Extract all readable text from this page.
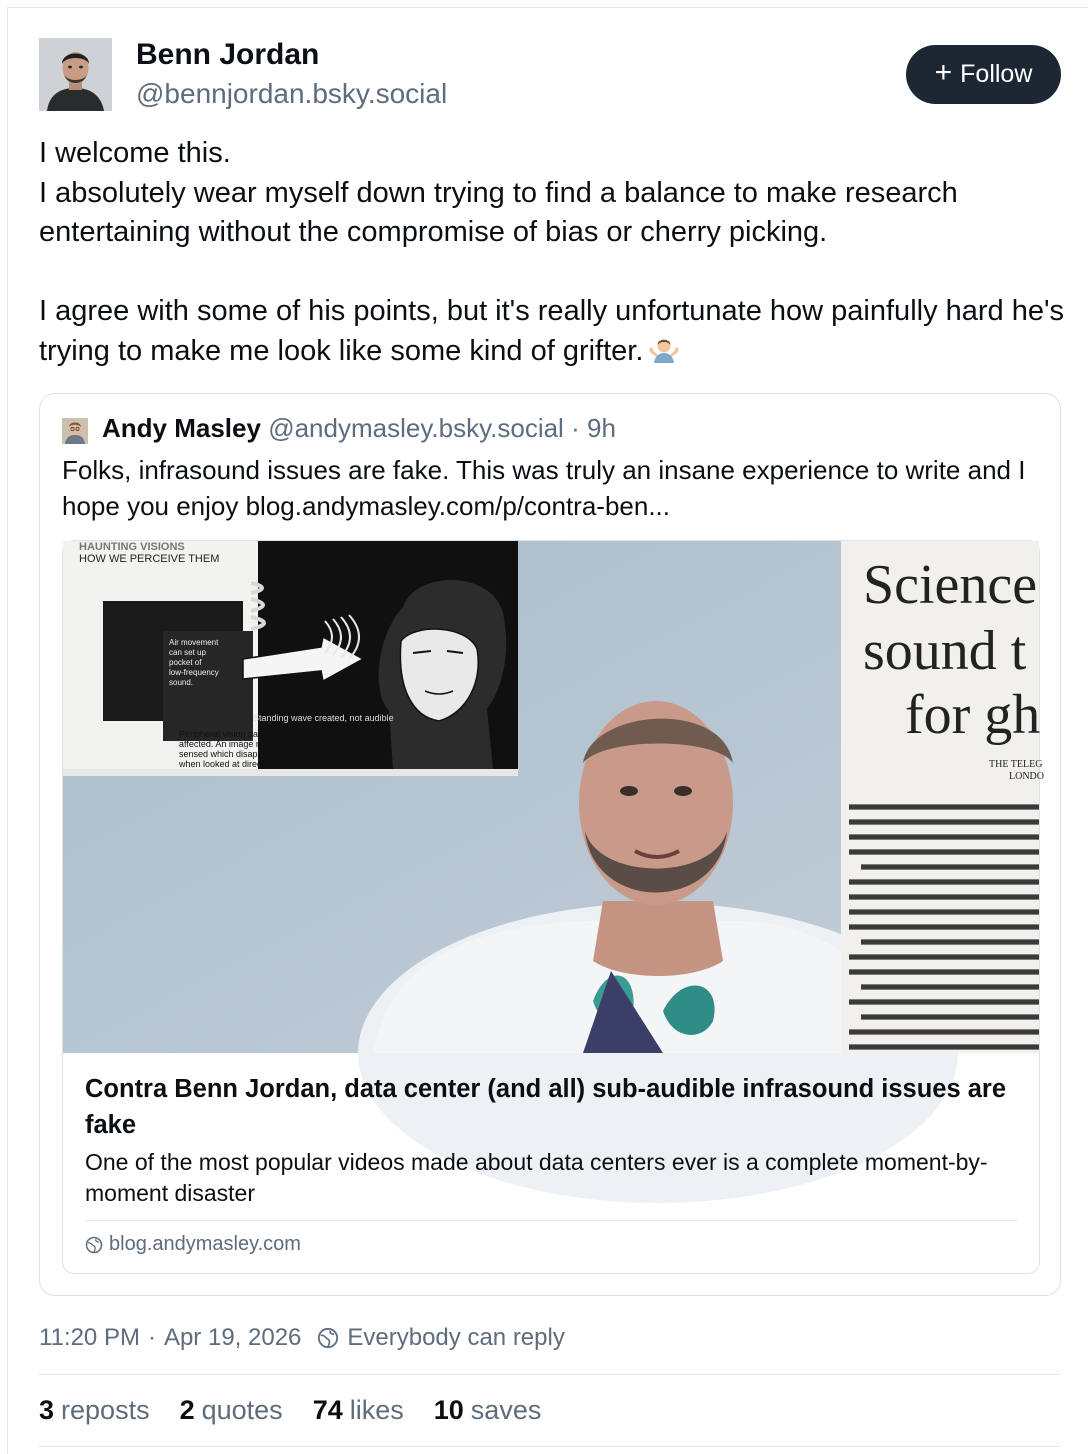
Benn Jordan
@bennjordan.bsky.social
+ Follow

I welcome this.

I absolutely wear myself down trying to find a balance to make research entertaining without the compromise of bias or cherry picking.

I agree with some of his points, but it's really unfortunate how painfully hard he's trying to make me look like some kind of grifter.

Andy Masley @andymasley.bsky.social · 9h
Folks, infrasound issues are fake. This was truly an insane experience to write and I hope you enjoy blog.andymasley.com/p/contra-ben...
HAUNTING VISIONS
HOW WE PERCEIVE THEM
Standing wave created, not audible
Peripheral vision particularly
affected. An image may be
sensed which disappears
when looked at directly.
Air movement
can set up
pocket of
low-frequency
sound.
Science
sound t
for gh
THE TELEG
LONDO
Contra Benn Jordan, data center (and all) sub-audible infrasound issues are fake
One of the most popular videos made about data centers ever is a complete moment-by-moment disaster
blog.andymasley.com
11:20 PM · Apr 19, 2026 Everybody can reply
3 reposts 2 quotes 74 likes 10 saves
